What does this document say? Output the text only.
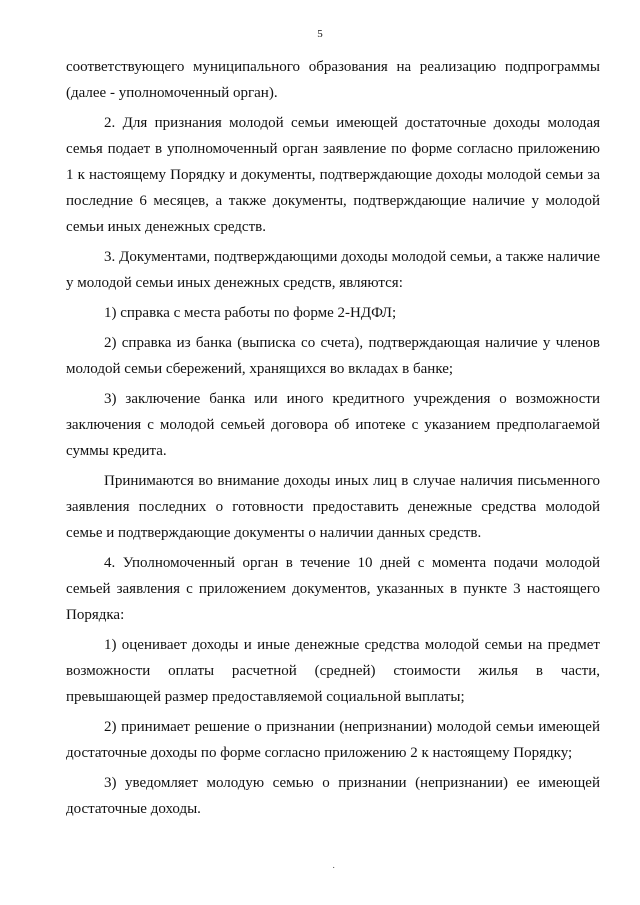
5

соответствующего муниципального образования на реализацию подпрограммы (далее - уполномоченный орган).

2. Для признания молодой семьи имеющей достаточные доходы молодая семья подает в уполномоченный орган заявление по форме согласно приложению 1 к настоящему Порядку и документы, подтверждающие доходы молодой семьи за последние 6 месяцев, а также документы, подтверждающие наличие у молодой семьи иных денежных средств.

3. Документами, подтверждающими доходы молодой семьи, а также наличие у молодой семьи иных денежных средств, являются:

1) справка с места работы по форме 2-НДФЛ;

2) справка из банка (выписка со счета), подтверждающая наличие у членов молодой семьи сбережений, хранящихся во вкладах в банке;

3) заключение банка или иного кредитного учреждения о возможности заключения с молодой семьей договора об ипотеке с указанием предполагаемой суммы кредита.

Принимаются во внимание доходы иных лиц в случае наличия письменного заявления последних о готовности предоставить денежные средства молодой семье и подтверждающие документы о наличии данных средств.

4. Уполномоченный орган в течение 10 дней с момента подачи молодой семьей заявления с приложением документов, указанных в пункте 3 настоящего Порядка:

1) оценивает доходы и иные денежные средства молодой семьи на предмет возможности оплаты расчетной (средней) стоимости жилья в части, превышающей размер предоставляемой социальной выплаты;

2) принимает решение о признании (непризнании) молодой семьи имеющей достаточные доходы по форме согласно приложению 2 к настоящему Порядку;

3) уведомляет молодую семью о признании (непризнании) ее имеющей достаточные доходы.

˙
